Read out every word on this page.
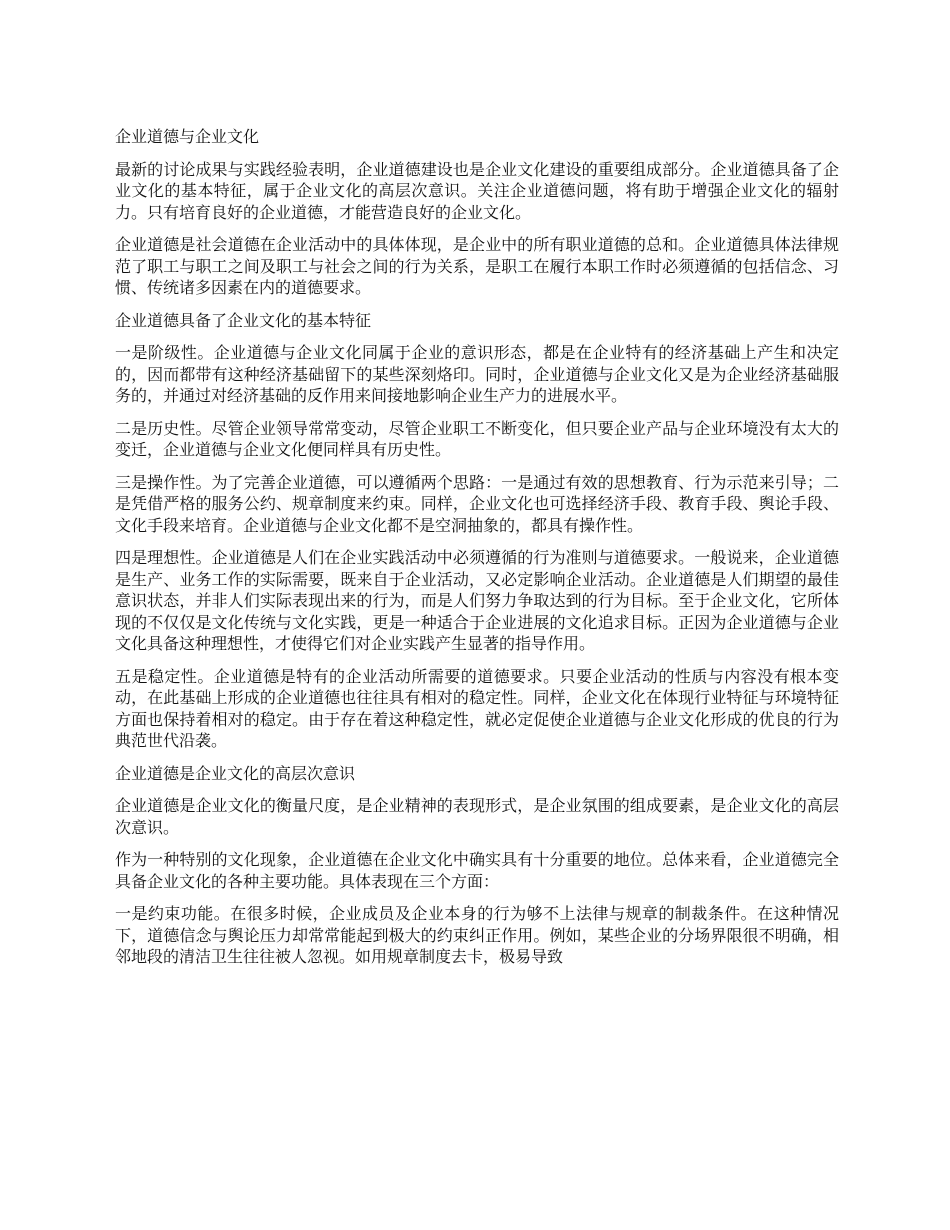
企业道德与企业文化
最新的讨论成果与实践经验表明，企业道德建设也是企业文化建设的重要组成部分。企业道德具备了企业文化的基本特征，属于企业文化的高层次意识。关注企业道德问题，将有助于增强企业文化的辐射力。只有培育良好的企业道德，才能营造良好的企业文化。
企业道德是社会道德在企业活动中的具体体现，是企业中的所有职业道德的总和。企业道德具体法律规范了职工与职工之间及职工与社会之间的行为关系，是职工在履行本职工作时必须遵循的包括信念、习惯、传统诸多因素在内的道德要求。
企业道德具备了企业文化的基本特征
一是阶级性。企业道德与企业文化同属于企业的意识形态，都是在企业特有的经济基础上产生和决定的，因而都带有这种经济基础留下的某些深刻烙印。同时，企业道德与企业文化又是为企业经济基础服务的，并通过对经济基础的反作用来间接地影响企业生产力的进展水平。
二是历史性。尽管企业领导常常变动，尽管企业职工不断变化，但只要企业产品与企业环境没有太大的变迁，企业道德与企业文化便同样具有历史性。
三是操作性。为了完善企业道德，可以遵循两个思路：一是通过有效的思想教育、行为示范来引导；二是凭借严格的服务公约、规章制度来约束。同样，企业文化也可选择经济手段、教育手段、舆论手段、文化手段来培育。企业道德与企业文化都不是空洞抽象的，都具有操作性。
四是理想性。企业道德是人们在企业实践活动中必须遵循的行为准则与道德要求。一般说来，企业道德是生产、业务工作的实际需要，既来自于企业活动，又必定影响企业活动。企业道德是人们期望的最佳意识状态，并非人们实际表现出来的行为，而是人们努力争取达到的行为目标。至于企业文化，它所体现的不仅仅是文化传统与文化实践，更是一种适合于企业进展的文化追求目标。正因为企业道德与企业文化具备这种理想性，才使得它们对企业实践产生显著的指导作用。
五是稳定性。企业道德是特有的企业活动所需要的道德要求。只要企业活动的性质与内容没有根本变动，在此基础上形成的企业道德也往往具有相对的稳定性。同样，企业文化在体现行业特征与环境特征方面也保持着相对的稳定。由于存在着这种稳定性，就必定促使企业道德与企业文化形成的优良的行为典范世代沿袭。
企业道德是企业文化的高层次意识
企业道德是企业文化的衡量尺度，是企业精神的表现形式，是企业氛围的组成要素，是企业文化的高层次意识。
作为一种特别的文化现象，企业道德在企业文化中确实具有十分重要的地位。总体来看，企业道德完全具备企业文化的各种主要功能。具体表现在三个方面：
一是约束功能。在很多时候，企业成员及企业本身的行为够不上法律与规章的制裁条件。在这种情况下，道德信念与舆论压力却常常能起到极大的约束纠正作用。例如，某些企业的分场界限很不明确，相邻地段的清洁卫生往往被人忽视。如用规章制度去卡，极易导致
